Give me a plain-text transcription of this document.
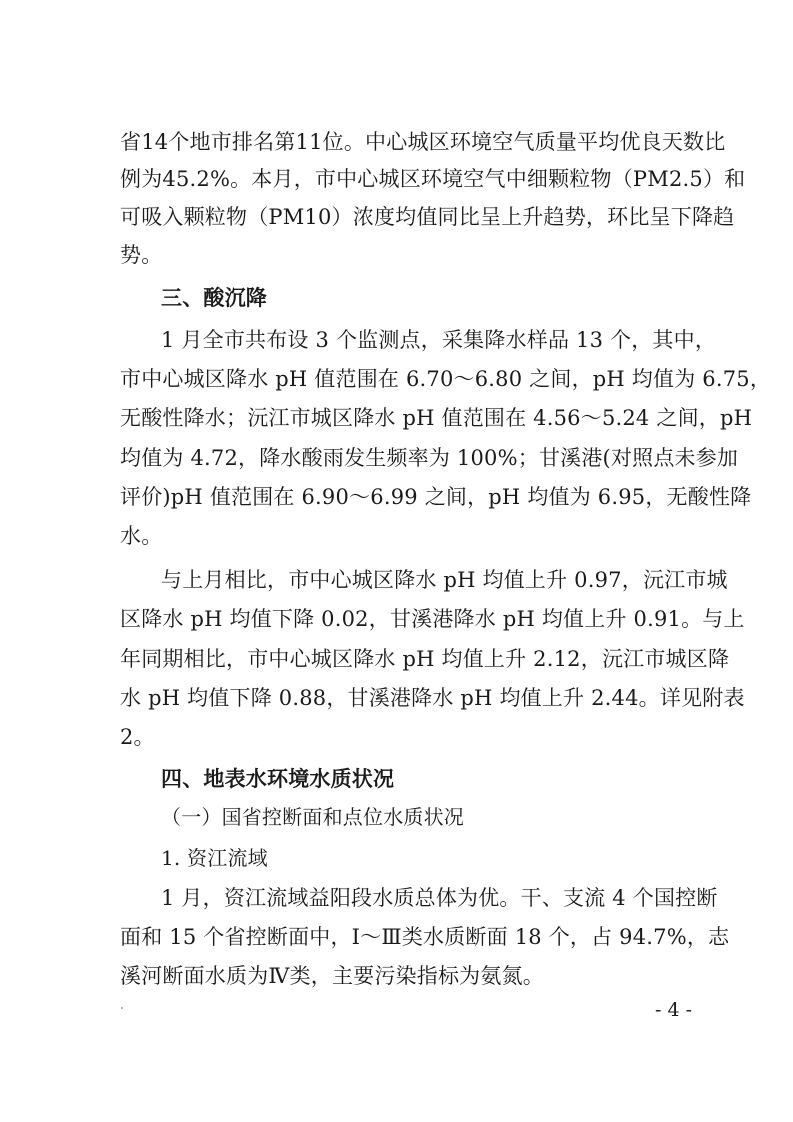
省14个地市排名第11位。中心城区环境空气质量平均优良天数比
例为45.2%。本月，市中心城区环境空气中细颗粒物（PM2.5）和
可吸入颗粒物（PM10）浓度均值同比呈上升趋势，环比呈下降趋
势。
三、酸沉降
1 月全市共布设 3 个监测点，采集降水样品 13 个，其中，
市中心城区降水 pH 值范围在 6.70～6.80 之间，pH 均值为 6.75，
无酸性降水；沅江市城区降水 pH 值范围在 4.56～5.24 之间，pH
均值为 4.72，降水酸雨发生频率为 100%；甘溪港(对照点未参加
评价)pH 值范围在 6.90～6.99 之间，pH 均值为 6.95，无酸性降
水。
与上月相比，市中心城区降水 pH 均值上升 0.97，沅江市城
区降水 pH 均值下降 0.02，甘溪港降水 pH 均值上升 0.91。与上
年同期相比，市中心城区降水 pH 均值上升 2.12，沅江市城区降
水 pH 均值下降 0.88，甘溪港降水 pH 均值上升 2.44。详见附表
2。
四、地表水环境水质状况
（一）国省控断面和点位水质状况
1. 资江流域
1 月，资江流域益阳段水质总体为优。干、支流 4 个国控断
面和 15 个省控断面中，Ⅰ～Ⅲ类水质断面 18 个，占 94.7%，志
溪河断面水质为Ⅳ类，主要污染指标为氨氮。
- 4 -
